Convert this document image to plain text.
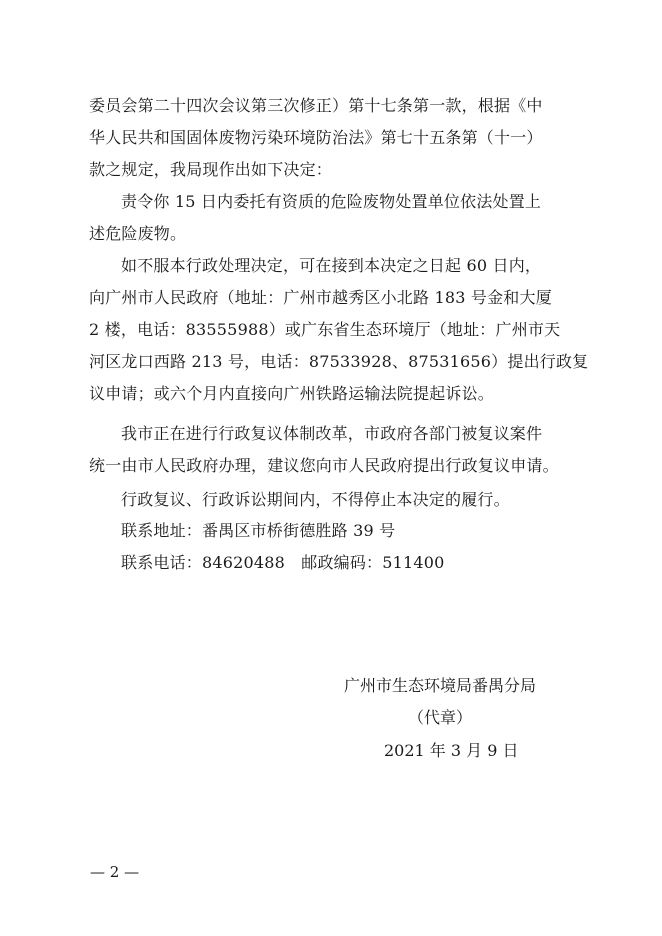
委员会第二十四次会议第三次修正）第十七条第一款，根据《中
华人民共和国固体废物污染环境防治法》第七十五条第（十一）
款之规定，我局现作出如下决定：
责令你 15 日内委托有资质的危险废物处置单位依法处置上
述危险废物。
如不服本行政处理决定，可在接到本决定之日起 60 日内，
向广州市人民政府（地址：广州市越秀区小北路 183 号金和大厦
2 楼，电话：83555988）或广东省生态环境厅（地址：广州市天
河区龙口西路 213 号，电话：87533928、87531656）提出行政复
议申请；或六个月内直接向广州铁路运输法院提起诉讼。
我市正在进行行政复议体制改革，市政府各部门被复议案件
统一由市人民政府办理，建议您向市人民政府提出行政复议申请。
行政复议、行政诉讼期间内，不得停止本决定的履行。
联系地址：番禺区市桥街德胜路 39 号
联系电话：84620488　邮政编码：511400
广州市生态环境局番禺分局
（代章）
2021 年 3 月 9 日
— 2 —
